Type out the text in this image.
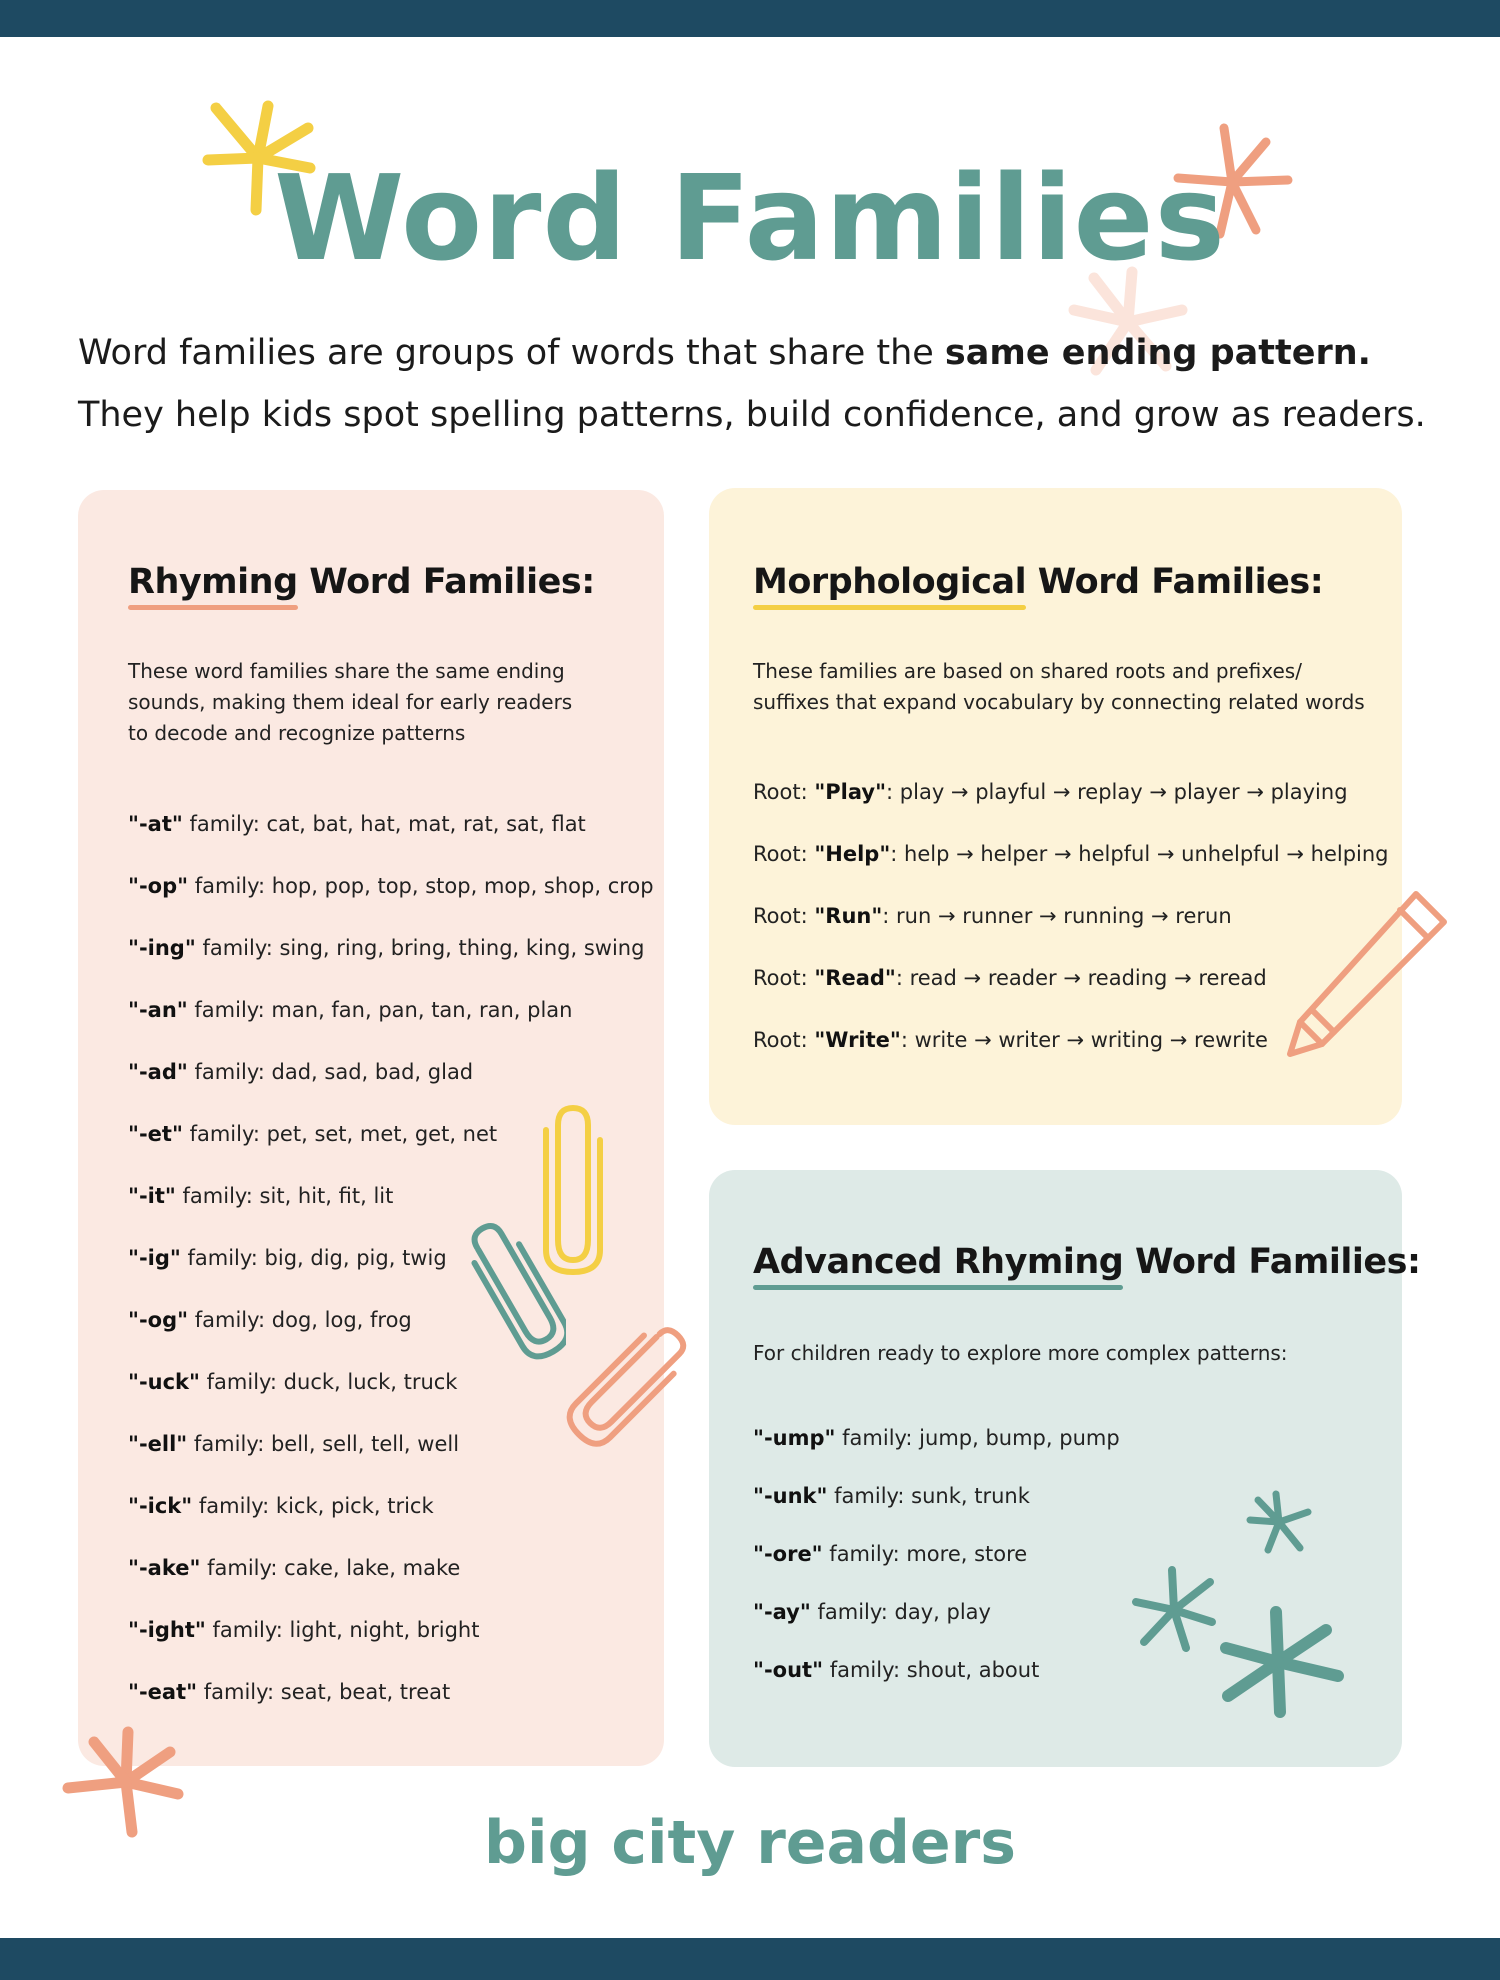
Word Families
Word families are groups of words that share the same ending pattern.
They help kids spot spelling patterns, build confidence, and grow as readers.
Rhyming Word Families:
These word families share the same ending
sounds, making them ideal for early readers
to decode and recognize patterns
"-at" family: cat, bat, hat, mat, rat, sat, flat
"-op" family: hop, pop, top, stop, mop, shop, crop
"-ing" family: sing, ring, bring, thing, king, swing
"-an" family: man, fan, pan, tan, ran, plan
"-ad" family: dad, sad, bad, glad
"-et" family: pet, set, met, get, net
"-it" family: sit, hit, fit, lit
"-ig" family: big, dig, pig, twig
"-og" family: dog, log, frog
"-uck" family: duck, luck, truck
"-ell" family: bell, sell, tell, well
"-ick" family: kick, pick, trick
"-ake" family: cake, lake, make
"-ight" family: light, night, bright
"-eat" family: seat, beat, treat
Morphological Word Families:
These families are based on shared roots and prefixes/
suffixes that expand vocabulary by connecting related words
Root: "Play": play → playful → replay → player → playing
Root: "Help": help → helper → helpful → unhelpful → helping
Root: "Run": run → runner → running → rerun
Root: "Read": read → reader → reading → reread
Root: "Write": write → writer → writing → rewrite
Advanced Rhyming Word Families:
For children ready to explore more complex patterns:
"-ump" family: jump, bump, pump
"-unk" family: sunk, trunk
"-ore" family: more, store
"-ay" family: day, play
"-out" family: shout, about
big city readers
